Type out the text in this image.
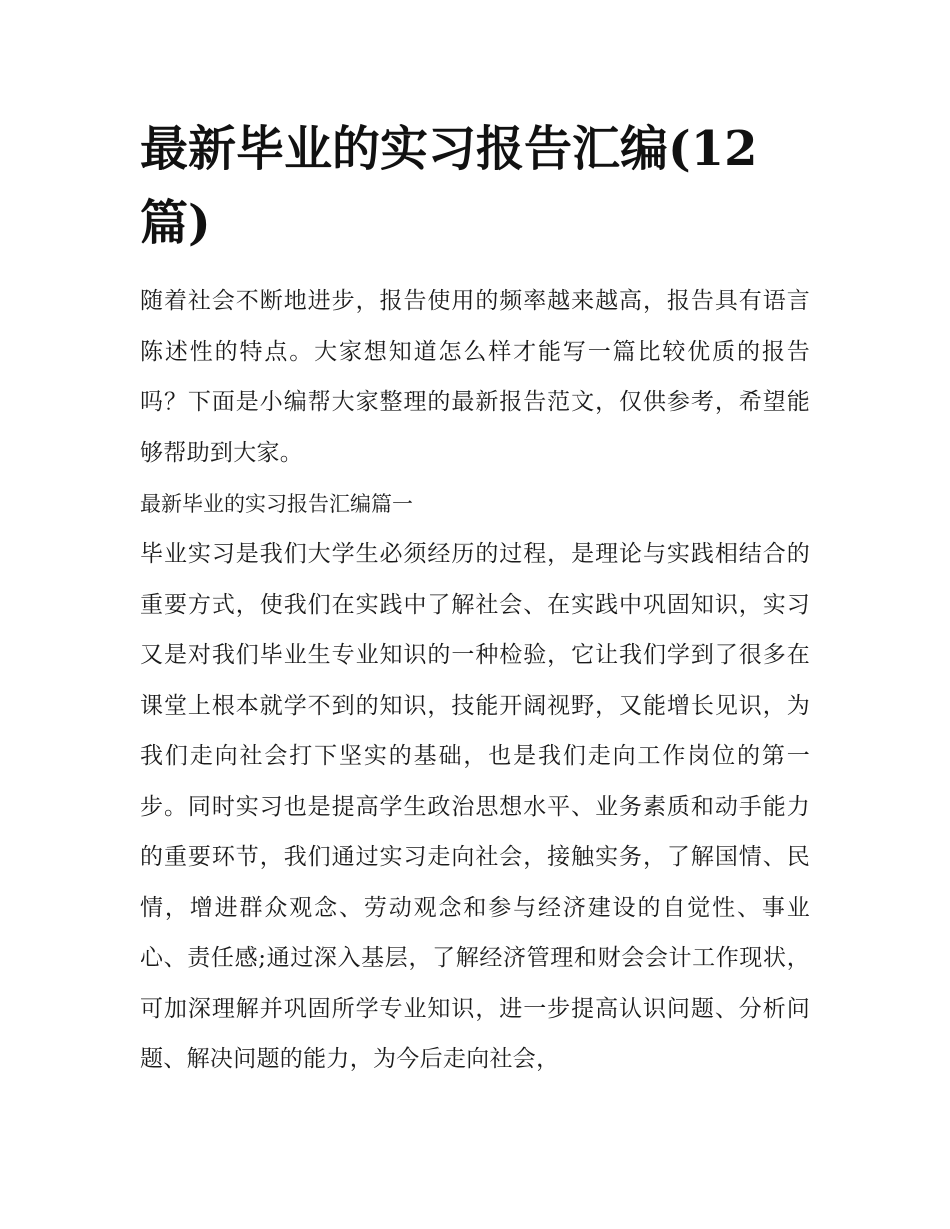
最新毕业的实习报告汇编(12篇)

随着社会不断地进步，报告使用的频率越来越高，报告具有语言陈述性的特点。大家想知道怎么样才能写一篇比较优质的报告吗？下面是小编帮大家整理的最新报告范文，仅供参考，希望能够帮助到大家。

最新毕业的实习报告汇编篇一

毕业实习是我们大学生必须经历的过程，是理论与实践相结合的重要方式，使我们在实践中了解社会、在实践中巩固知识，实习又是对我们毕业生专业知识的一种检验，它让我们学到了很多在课堂上根本就学不到的知识，技能开阔视野，又能增长见识，为我们走向社会打下坚实的基础，也是我们走向工作岗位的第一步。同时实习也是提高学生政治思想水平、业务素质和动手能力的重要环节，我们通过实习走向社会，接触实务，了解国情、民情，增进群众观念、劳动观念和参与经济建设的自觉性、事业心、责任感;通过深入基层，了解经济管理和财会会计工作现状，可加深理解并巩固所学专业知识，进一步提高认识问题、分析问题、解决问题的能力，为今后走向社会，
